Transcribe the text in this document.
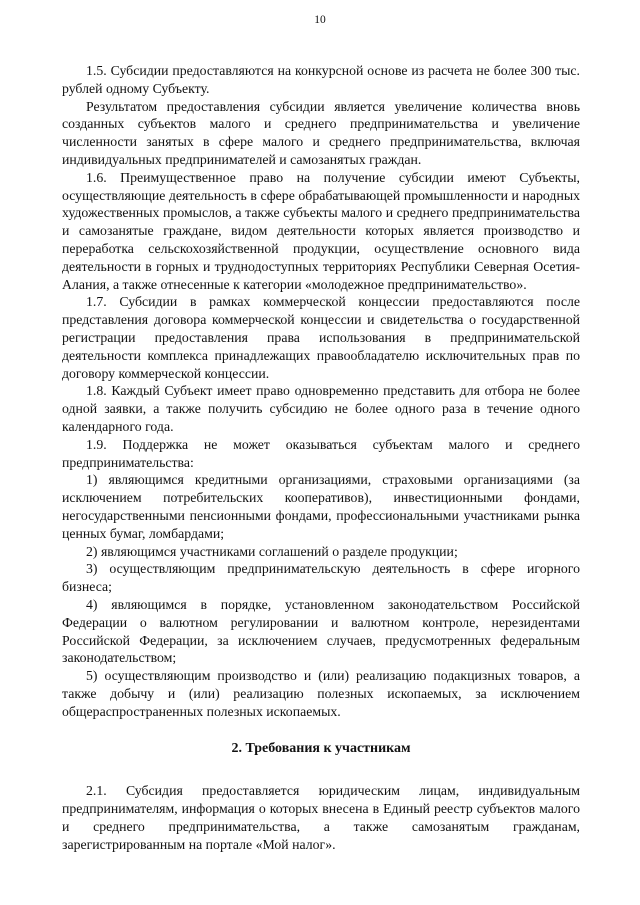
10

1.5. Субсидии предоставляются на конкурсной основе из расчета не более 300 тыс. рублей одному Субъекту.

Результатом предоставления субсидии является увеличение количества вновь созданных субъектов малого и среднего предпринимательства и увеличение численности занятых в сфере малого и среднего предпринимательства, включая индивидуальных предпринимателей и самозанятых граждан.

1.6. Преимущественное право на получение субсидии имеют Субъекты, осуществляющие деятельность в сфере обрабатывающей промышленности и народных художественных промыслов, а также субъекты малого и среднего предпринимательства и самозанятые граждане, видом деятельности которых является производство и переработка сельскохозяйственной продукции, осуществление основного вида деятельности в горных и труднодоступных территориях Республики Северная Осетия-Алания, а также отнесенные к категории «молодежное предпринимательство».

1.7. Субсидии в рамках коммерческой концессии предоставляются после представления договора коммерческой концессии и свидетельства о государственной регистрации предоставления права использования в предпринимательской деятельности комплекса принадлежащих правообладателю исключительных прав по договору коммерческой концессии.

1.8. Каждый Субъект имеет право одновременно представить для отбора не более одной заявки, а также получить субсидию не более одного раза в течение одного календарного года.

1.9. Поддержка не может оказываться субъектам малого и среднего предпринимательства:

1) являющимся кредитными организациями, страховыми организациями (за исключением потребительских кооперативов), инвестиционными фондами, негосударственными пенсионными фондами, профессиональными участниками рынка ценных бумаг, ломбардами;

2) являющимся участниками соглашений о разделе продукции;

3) осуществляющим предпринимательскую деятельность в сфере игорного бизнеса;

4) являющимся в порядке, установленном законодательством Российской Федерации о валютном регулировании и валютном контроле, нерезидентами Российской Федерации, за исключением случаев, предусмотренных федеральным законодательством;

5) осуществляющим производство и (или) реализацию подакцизных товаров, а также добычу и (или) реализацию полезных ископаемых, за исключением общераспространенных полезных ископаемых.

2. Требования к участникам

2.1. Субсидия предоставляется юридическим лицам, индивидуальным предпринимателям, информация о которых внесена в Единый реестр субъектов малого и среднего предпринимательства, а также самозанятым гражданам, зарегистрированным на портале «Мой налог».
